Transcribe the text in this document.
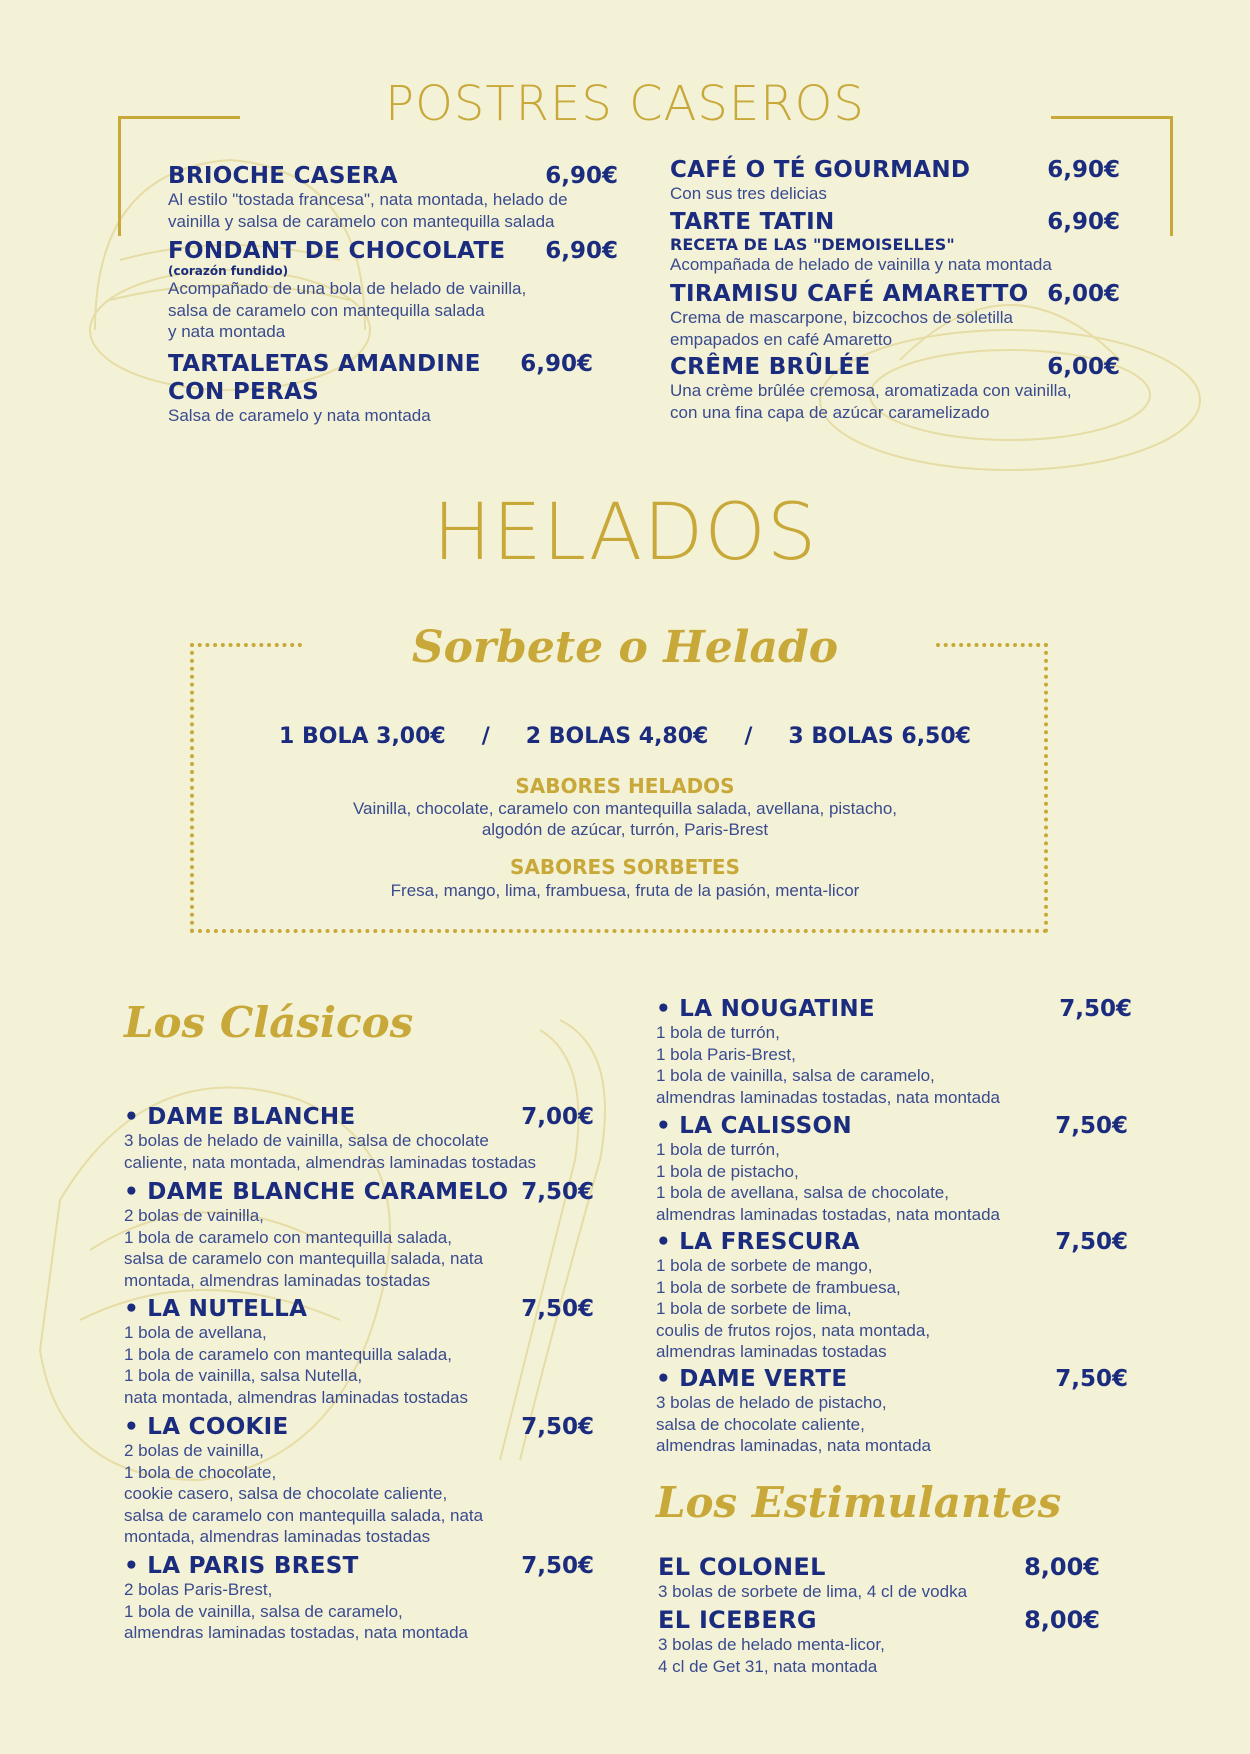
POSTRES CASEROS
BRIOCHE CASERA	6,90€
Al estilo "tostada francesa", nata montada, helado de
vainilla y salsa de caramelo con mantequilla salada
FONDANT DE CHOCOLATE 6,90€
(corazón fundido)
Acompañado de una bola de helado de vainilla,
salsa de caramelo con mantequilla salada
y nata montada
TARTALETAS AMANDINE 6,90€
CON PERAS
Salsa de caramelo y nata montada
CAFÉ O TÉ GOURMAND	6,90€
Con sus tres delicias
TARTE TATIN	6,90€
RECETA DE LAS "DEMOISELLES"
Acompañada de helado de vainilla y nata montada
TIRAMISU CAFÉ AMARETTO 6,00€
Crema de mascarpone, bizcochos de soletilla
empapados en café Amaretto
CRÊME BRÛLÉE	6,00€
Una crème brûlée cremosa, aromatizada con vainilla,
con una fina capa de azúcar caramelizado
HELADOS
Sorbete o Helado
1 BOLA 3,00€ / 2 BOLAS 4,80€ / 3 BOLAS 6,50€
SABORES HELADOS
Vainilla, chocolate, caramelo con mantequilla salada, avellana, pistacho,
algodón de azúcar, turrón, Paris-Brest
SABORES SORBETES
Fresa, mango, lima, frambuesa, fruta de la pasión, menta-licor
Los Clásicos
• DAME BLANCHE	7,00€
3 bolas de helado de vainilla, salsa de chocolate
caliente, nata montada, almendras laminadas tostadas
• DAME BLANCHE CARAMELO 7,50€
2 bolas de vainilla,
1 bola de caramelo con mantequilla salada,
salsa de caramelo con mantequilla salada, nata
montada, almendras laminadas tostadas
• LA NUTELLA	7,50€
1 bola de avellana,
1 bola de caramelo con mantequilla salada,
1 bola de vainilla, salsa Nutella,
nata montada, almendras laminadas tostadas
• LA COOKIE	7,50€
2 bolas de vainilla,
1 bola de chocolate,
cookie casero, salsa de chocolate caliente,
salsa de caramelo con mantequilla salada, nata
montada, almendras laminadas tostadas
• LA PARIS BREST	7,50€
2 bolas Paris-Brest,
1 bola de vainilla, salsa de caramelo,
almendras laminadas tostadas, nata montada
• LA NOUGATINE	7,50€
1 bola de turrón,
1 bola Paris-Brest,
1 bola de vainilla, salsa de caramelo,
almendras laminadas tostadas, nata montada
• LA CALISSON	7,50€
1 bola de turrón,
1 bola de pistacho,
1 bola de avellana, salsa de chocolate,
almendras laminadas tostadas, nata montada
• LA FRESCURA	7,50€
1 bola de sorbete de mango,
1 bola de sorbete de frambuesa,
1 bola de sorbete de lima,
coulis de frutos rojos, nata montada,
almendras laminadas tostadas
• DAME VERTE	7,50€
3 bolas de helado de pistacho,
salsa de chocolate caliente,
almendras laminadas, nata montada
Los Estimulantes
EL COLONEL	8,00€
3 bolas de sorbete de lima, 4 cl de vodka
EL ICEBERG	8,00€
3 bolas de helado menta-licor,
4 cl de Get 31, nata montada
